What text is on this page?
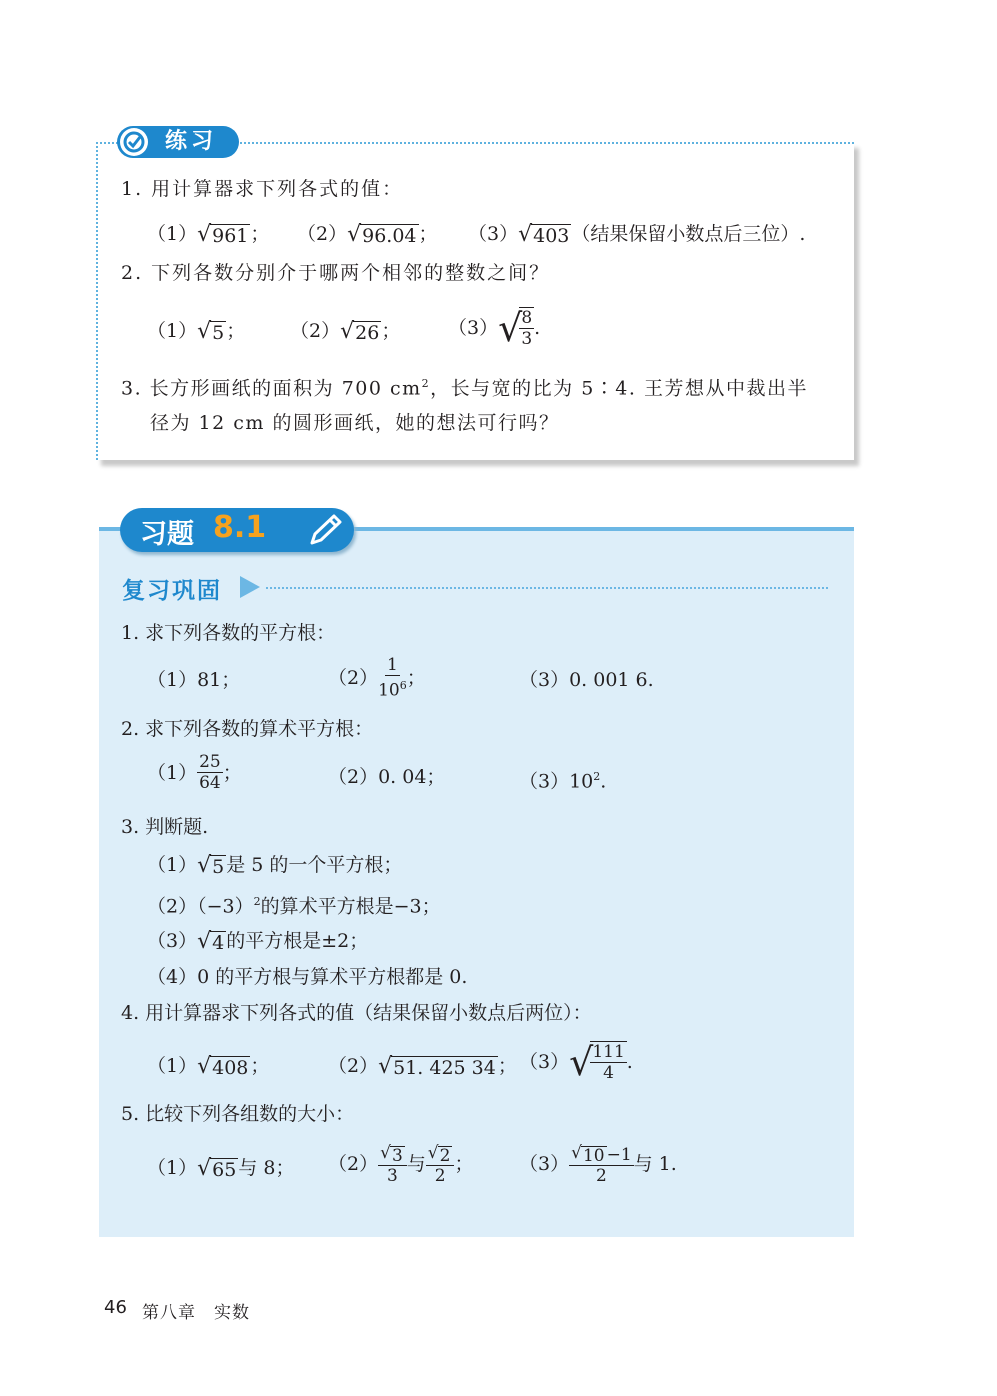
练习
1. 用计算器求下列各式的值：
（1） √ 961 ； （2） √ 96.04 ； （3） √ 403 （结果保留小数点后三位）.
2. 下列各数分别介于哪两个相邻的整数之间？
（1） √ 5 ； （2） √ 26 ；	（3） √
$\frac{8}{3}$ .
3. 长方形画纸的面积为 700 $cm^2$，长与宽的比为 5∶4. 王芳想从中裁出半
径为 12 cm 的圆形画纸，她的想法可行吗？
习题 8.1
复习巩固
1. 求下列各数的平方根：
（1）81；	$(2) \frac{1}{10^6}$ ；	（3）0. 001 6.
2. 求下列各数的算术平方根：
$(1) \frac{25}{64}$ ；	（2）0. 04；	$(3)10^2$.
3. 判断题.
（1） √ 5 是 5 的一个平方根；
$(2)(-3)^2$的算术平方根是−3；
（3） √ 4 的平方根是±2；
（4）0 的平方根与算术平方根都是 0.
4. 用计算器求下列各式的值（结果保留小数点后两位）：
（1） √ 408 ；	（2） √ 51. 425 34 ； （3） √
$\frac{111}{4}$ .
5. 比较下列各组数的大小：
（1） √ 65 与 8； $(2) \frac{√ 3}{3}$ 与 $\frac{√ 2}{2}$ ； $(3) \frac{√ 10 -1}{2}$ 与 1.
46 第八章　实数
